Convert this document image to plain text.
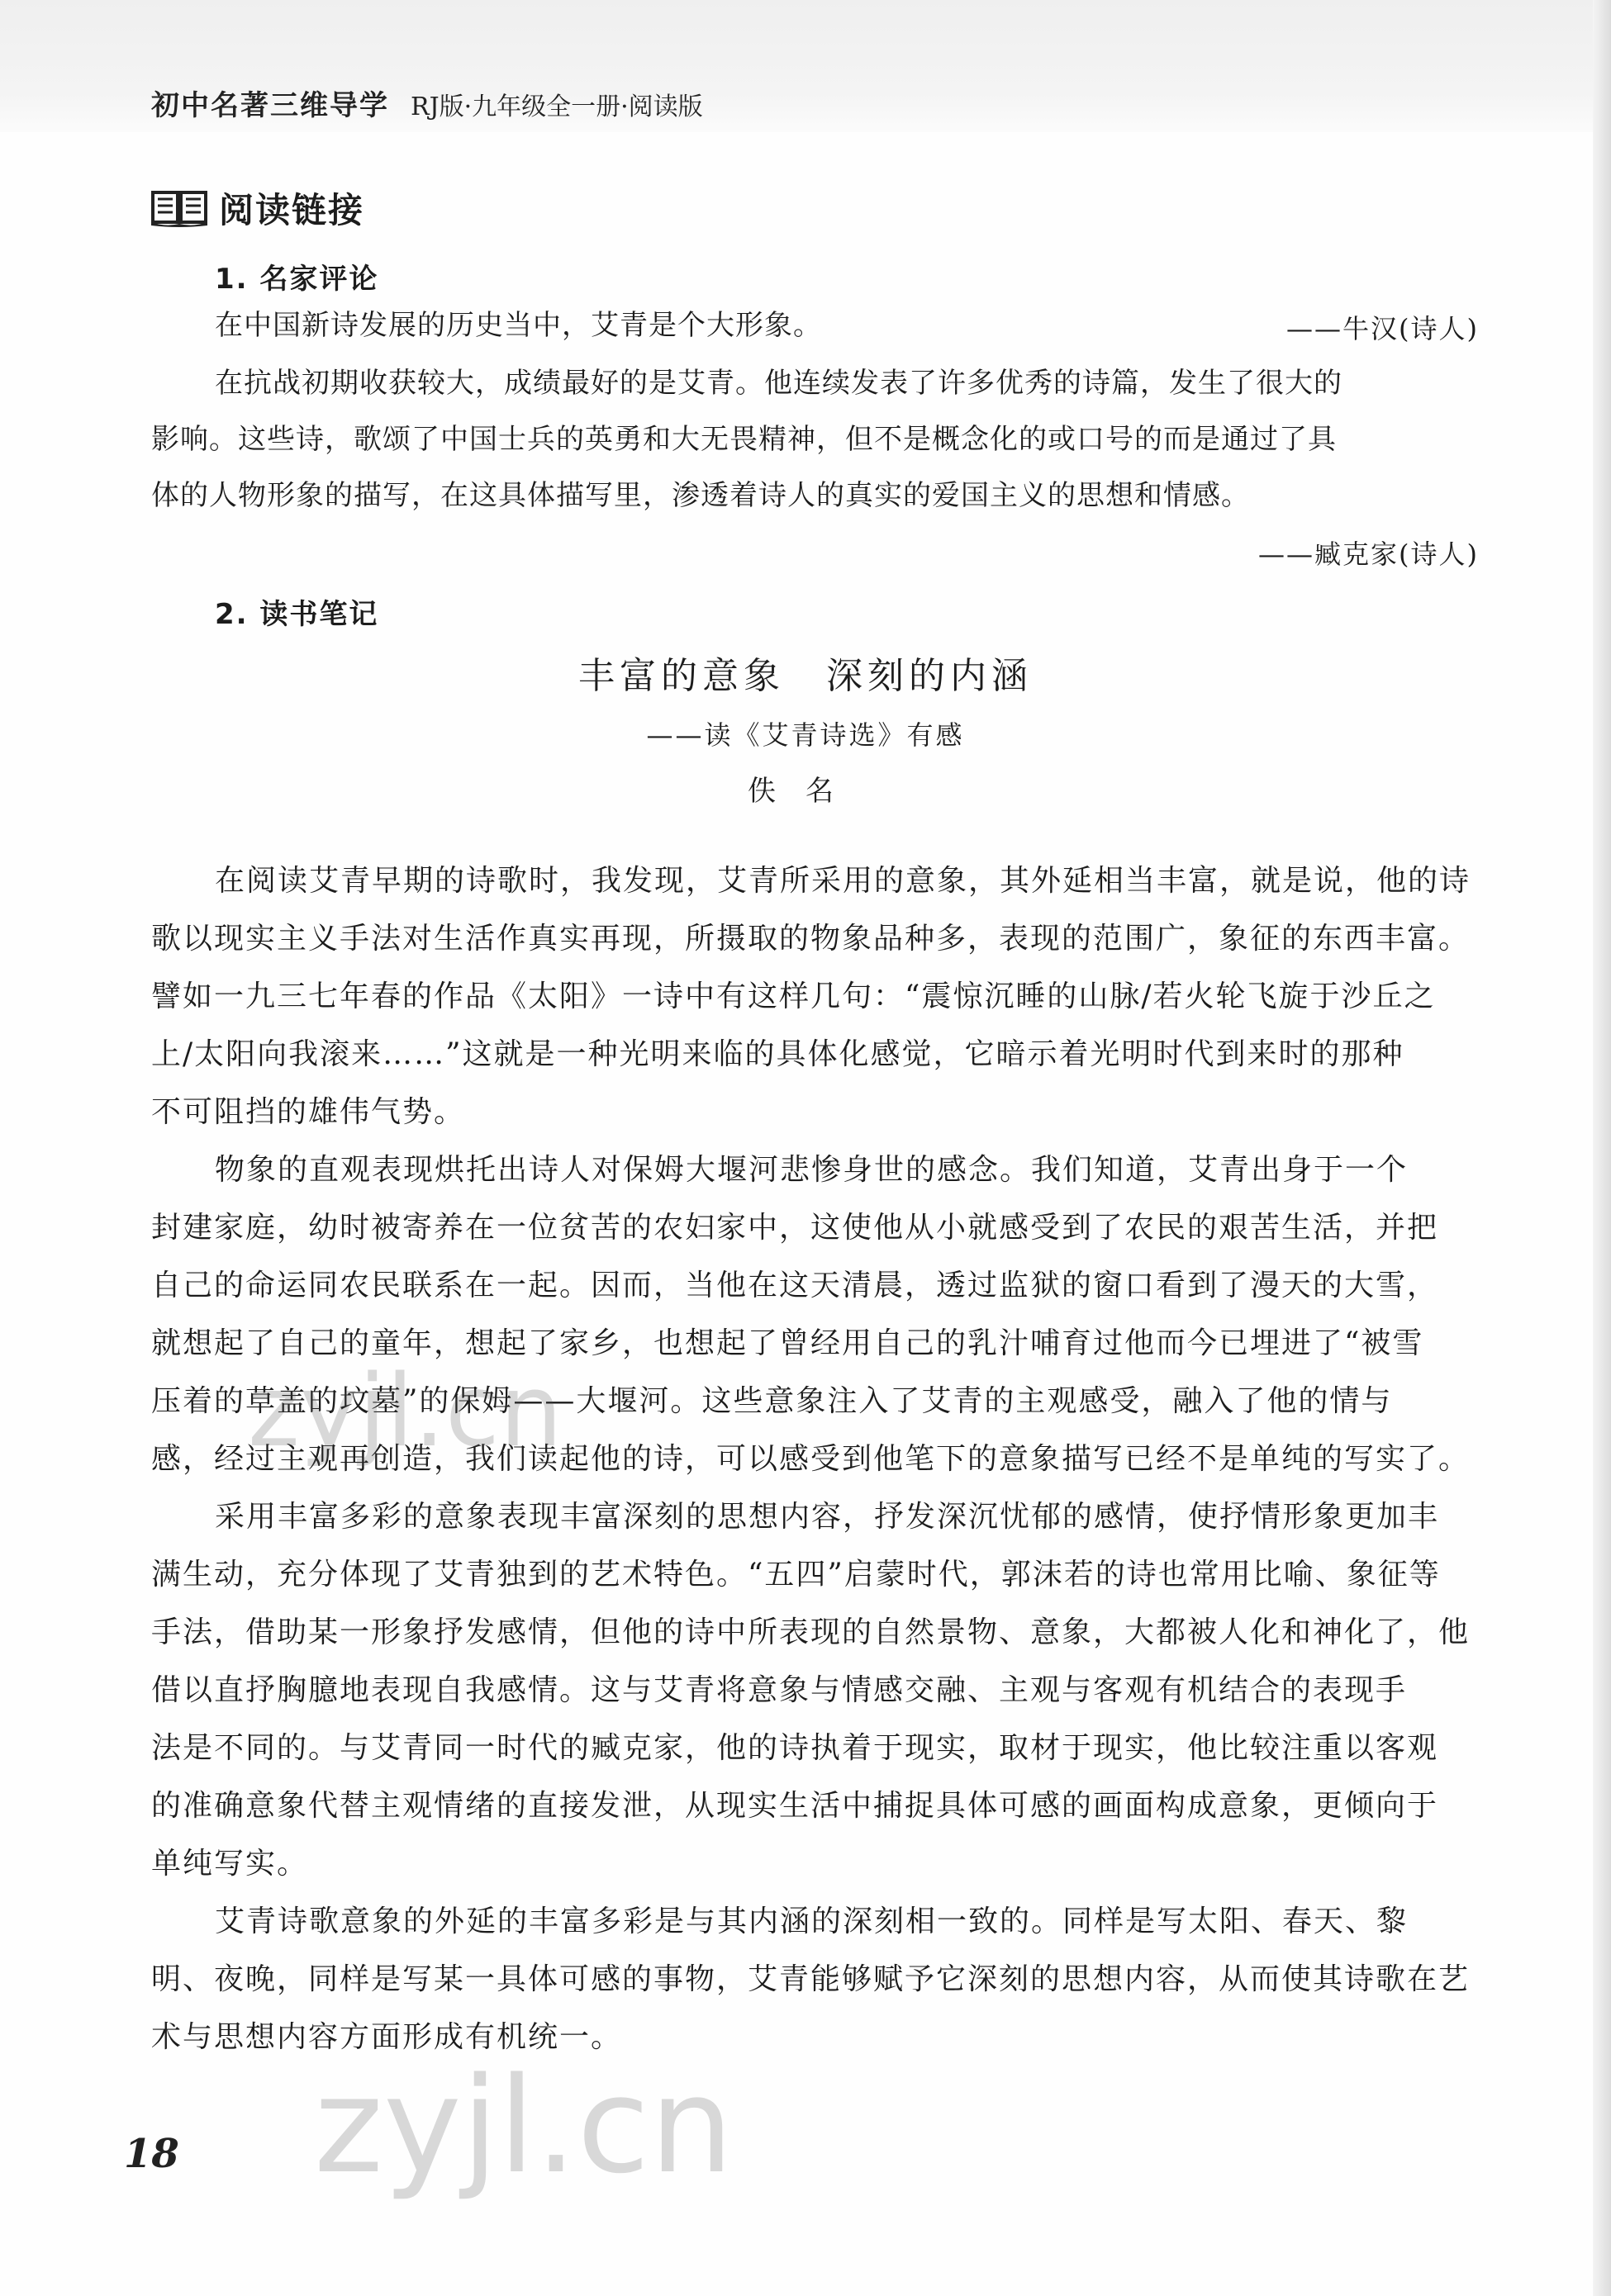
初中名著三维导学 RJ版·九年级全一册·阅读版
阅读链接
1. 名家评论
在中国新诗发展的历史当中，艾青是个大形象。	——牛汉(诗人)
在抗战初期收获较大，成绩最好的是艾青。他连续发表了许多优秀的诗篇，发生了很大的
影响。这些诗，歌颂了中国士兵的英勇和大无畏精神，但不是概念化的或口号的而是通过了具
体的人物形象的描写，在这具体描写里，渗透着诗人的真实的爱国主义的思想和情感。
——臧克家(诗人)
2. 读书笔记
丰富的意象　深刻的内涵
——读《艾青诗选》有感
佚名
在阅读艾青早期的诗歌时，我发现，艾青所采用的意象，其外延相当丰富，就是说，他的诗
歌以现实主义手法对生活作真实再现，所摄取的物象品种多，表现的范围广，象征的东西丰富。
譬如一九三七年春的作品《太阳》一诗中有这样几句：“震惊沉睡的山脉/若火轮飞旋于沙丘之
上/太阳向我滚来……”这就是一种光明来临的具体化感觉，它暗示着光明时代到来时的那种
不可阻挡的雄伟气势。
物象的直观表现烘托出诗人对保姆大堰河悲惨身世的感念。我们知道，艾青出身于一个
封建家庭，幼时被寄养在一位贫苦的农妇家中，这使他从小就感受到了农民的艰苦生活，并把
自己的命运同农民联系在一起。因而，当他在这天清晨，透过监狱的窗口看到了漫天的大雪，
就想起了自己的童年，想起了家乡，也想起了曾经用自己的乳汁哺育过他而今已埋进了“被雪
压着的草盖的坟墓”的保姆——大堰河。这些意象注入了艾青的主观感受，融入了他的情与
感，经过主观再创造，我们读起他的诗，可以感受到他笔下的意象描写已经不是单纯的写实了。
采用丰富多彩的意象表现丰富深刻的思想内容，抒发深沉忧郁的感情，使抒情形象更加丰
满生动，充分体现了艾青独到的艺术特色。“五四”启蒙时代，郭沫若的诗也常用比喻、象征等
手法，借助某一形象抒发感情，但他的诗中所表现的自然景物、意象，大都被人化和神化了，他
借以直抒胸臆地表现自我感情。这与艾青将意象与情感交融、主观与客观有机结合的表现手
法是不同的。与艾青同一时代的臧克家，他的诗执着于现实，取材于现实，他比较注重以客观
的准确意象代替主观情绪的直接发泄，从现实生活中捕捉具体可感的画面构成意象，更倾向于
单纯写实。
艾青诗歌意象的外延的丰富多彩是与其内涵的深刻相一致的。同样是写太阳、春天、黎
明、夜晚，同样是写某一具体可感的事物，艾青能够赋予它深刻的思想内容，从而使其诗歌在艺
术与思想内容方面形成有机统一。
zyjl.cn
zyjl.cn
18
